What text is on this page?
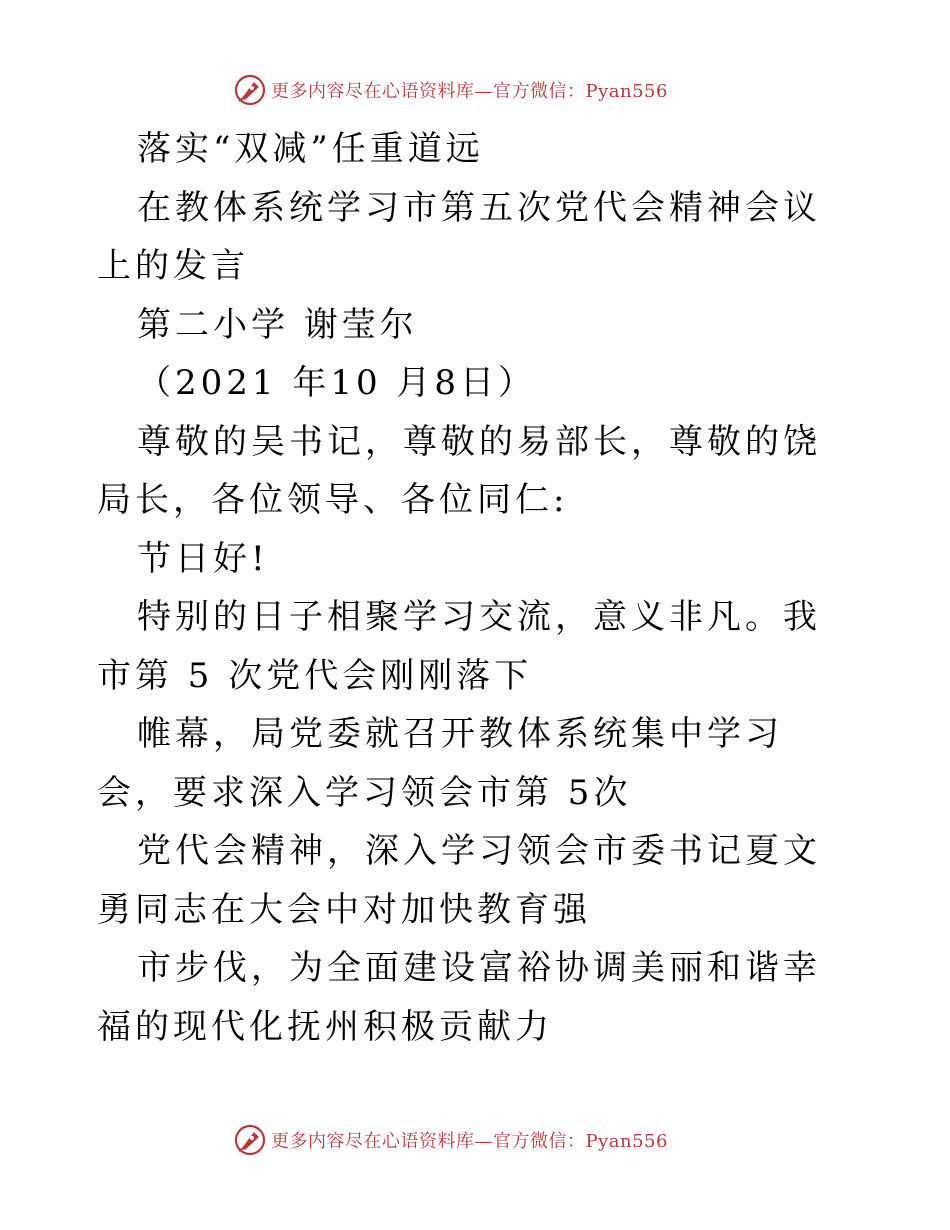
更多内容尽在心语资料库—官方微信：Pyan556

落实“双减”任重道远

在教体系统学习市第五次党代会精神会议上的发言

第二小学 谢莹尔

（2021 年10 月8日）

尊敬的吴书记，尊敬的易部长，尊敬的饶局长，各位领导、各位同仁:

节日好!

特别的日子相聚学习交流，意义非凡。我市第 5 次党代会刚刚落下

帷幕，局党委就召开教体系统集中学习会，要求深入学习领会市第 5次

党代会精神，深入学习领会市委书记夏文勇同志在大会中对加快教育强

市步伐，为全面建设富裕协调美丽和谐幸福的现代化抚州积极贡献力

更多内容尽在心语资料库—官方微信：Pyan556
